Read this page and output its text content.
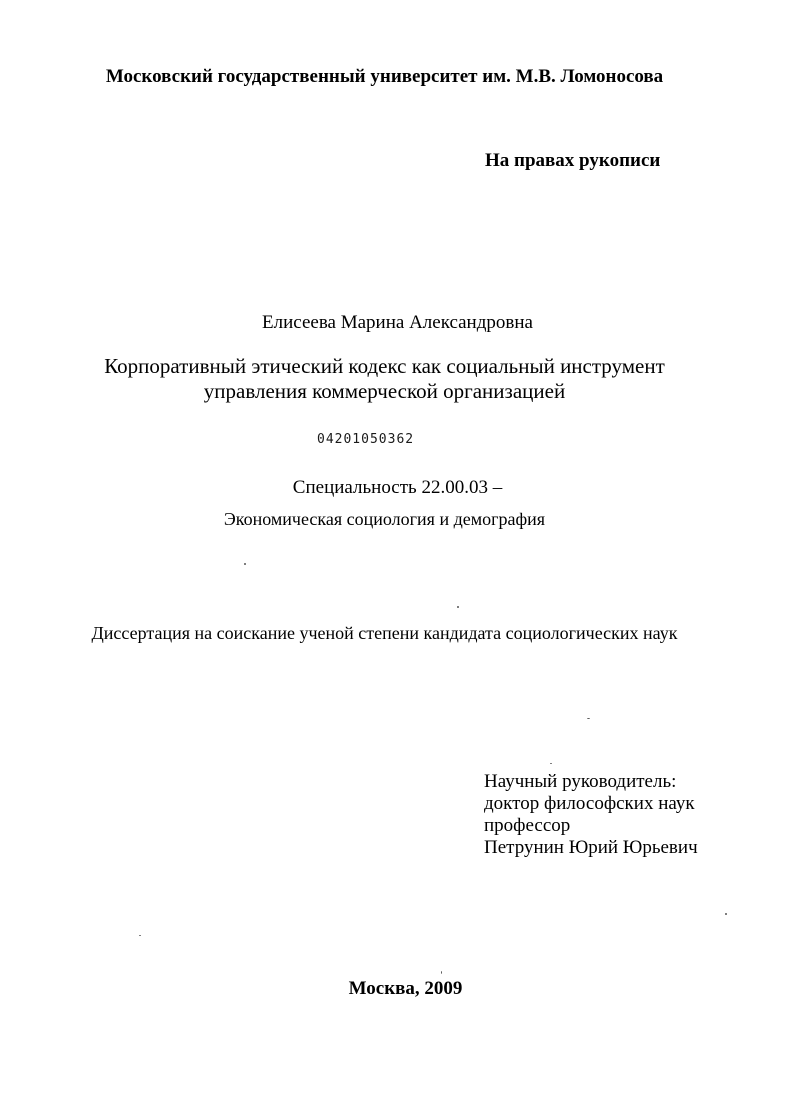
Московский государственный университет им. М.В. Ломоносова
На правах рукописи
Елисеева Марина Александровна
Корпоративный этический кодекс как социальный инструмент
управления коммерческой организацией
04201050362
Специальность 22.00.03 –
Экономическая социология и демография
Диссертация на соискание ученой степени кандидата социологических наук
Научный руководитель:
доктор философских наук
профессор
Петрунин Юрий Юрьевич
Москва, 2009
